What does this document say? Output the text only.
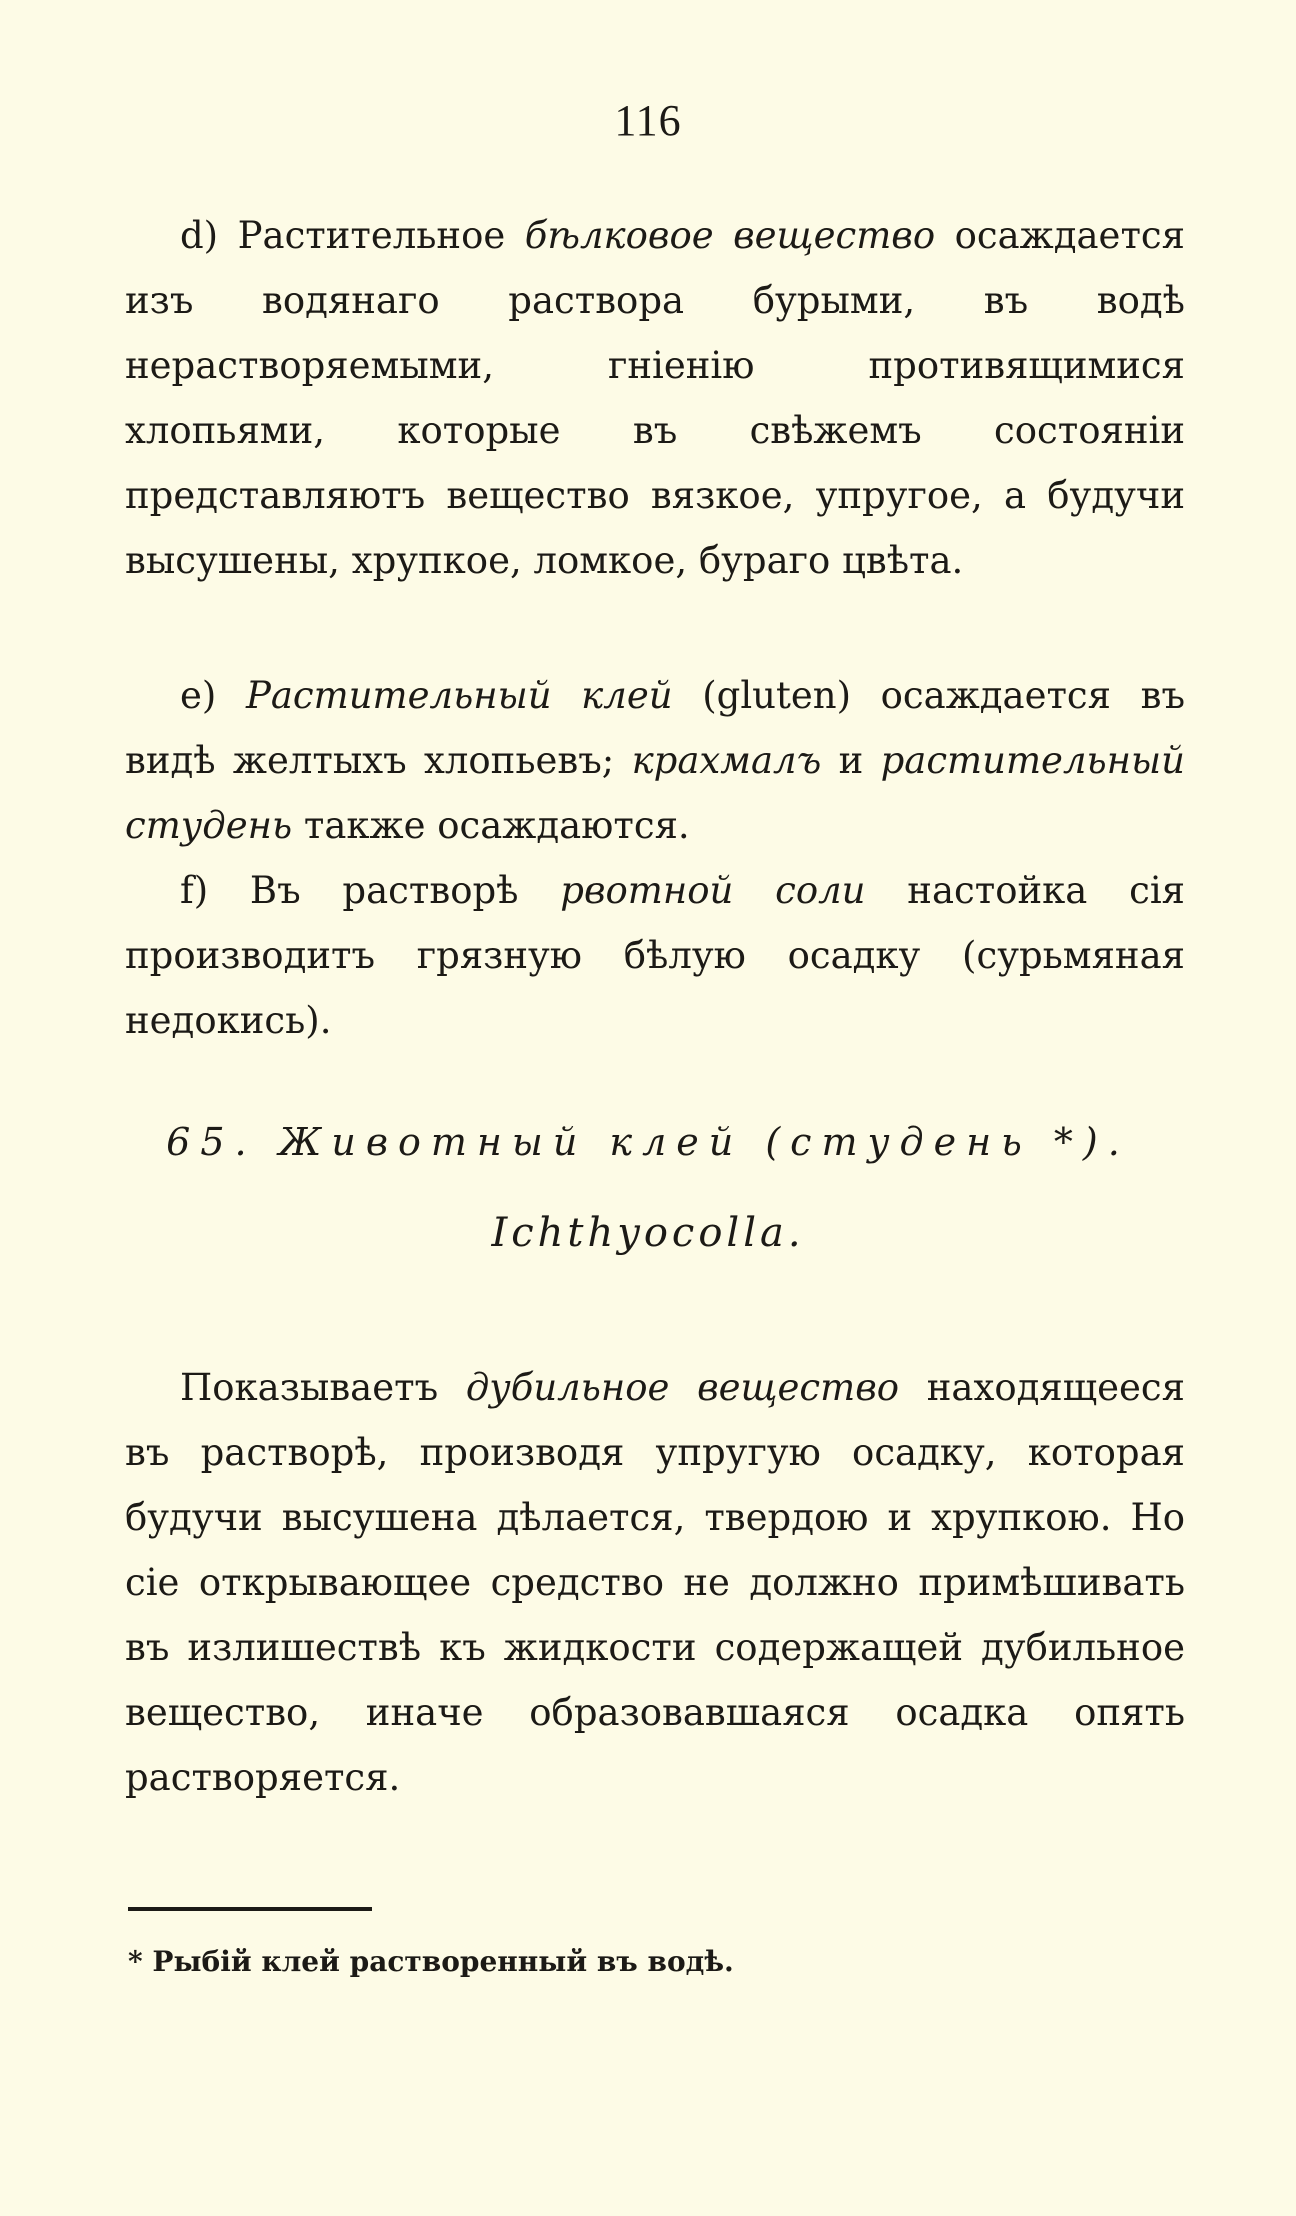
116
d) Растительное бѣлковое вещество осаждается изъ водянаго раствора бурыми, въ водѣ нерастворяемыми, гніенію противящимися хлопьями, которые въ свѣжемъ состояніи представляютъ вещество вязкое, упругое, а будучи высушены, хрупкое, ломкое, бураго цвѣта.
e) Растительный клей (gluten) осаждается въ видѣ желтыхъ хлопьевъ; крахмалъ и растительный студень также осаждаются.
f) Въ растворѣ рвотной соли настойка сія производитъ грязную бѣлую осадку (сурьмяная недокись).
65. Животный клей (студень *).
Ichthyocolla.
Показываетъ дубильное вещество находящееся въ растворѣ, производя упругую осадку, которая будучи высушена дѣлается, твердою и хрупкою. Но сіе открывающее средство не должно примѣшивать въ излишествѣ къ жидкости содержащей дубильное вещество, иначе образовавшаяся осадка опять растворяется.
* Рыбій клей растворенный въ водѣ.
